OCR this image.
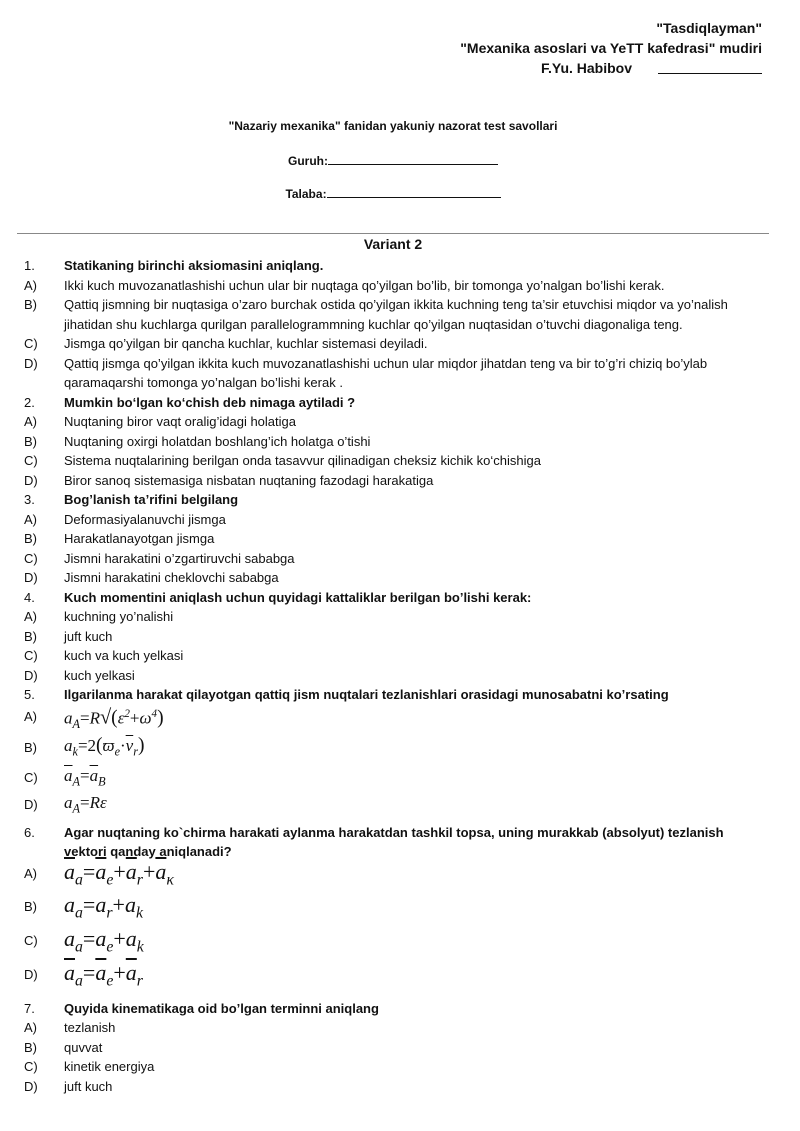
"Tasdiqlayman"
"Mexanika asoslari va YeTT kafedrasi" mudiri
F.Yu. Habibov
"Nazariy mexanika" fanidan yakuniy nazorat test savollari
Guruh:
Talaba:
Variant 2
1.	Statikaning birinchi aksiomasini aniqlang.
A)	Ikki kuch muvozanatlashishi uchun ular bir nuqtaga qo’yilgan bo’lib, bir tomonga yo’nalgan bo’lishi kerak.
B)	Qattiq jismning bir nuqtasiga o’zaro burchak ostida qo’yilgan ikkita kuchning teng ta’sir etuvchisi miqdor va yo’nalish jihatidan shu kuchlarga qurilgan parallelogrammning kuchlar qo’yilgan nuqtasidan o’tuvchi diagonaliga teng.
C)	Jismga qo’yilgan bir qancha kuchlar, kuchlar sistemasi deyiladi.
D)	Qattiq jismga qo’yilgan ikkita kuch muvozanatlashishi uchun ular miqdor jihatdan teng va bir to’g’ri chiziq bo’ylab qaramaqarshi tomonga yo’nalgan bo’lishi kerak .
2.	Mumkin bo‘lgan ko‘chish deb nimaga aytiladi ?
A)	Nuqtaning biror vaqt oralig’idagi holatiga
B)	Nuqtaning oxirgi holatdan boshlang’ich holatga o’tishi
C)	Sistema nuqtalarining berilgan onda tasavvur qilinadigan cheksiz kichik ko‘chishiga
D)	Biror sanoq sistemasiga nisbatan nuqtaning fazodagi harakatiga
3.	Bog’lanish ta’rifini belgilang
A)	Deformasiyalanuvchi jismga
B)	Harakatlanayotgan jismga
C)	Jismni harakatini o’zgartiruvchi sababga
D)	Jismni harakatini cheklovchi sababga
4.	Kuch momentini aniqlash uchun quyidagi kattaliklar berilgan bo’lishi kerak:
A)	kuchning yo’nalishi
B)	juft kuch
C)	kuch va kuch yelkasi
D)	kuch yelkasi
5.	Ilgarilanma harakat qilayotgan qattiq jism nuqtalari tezlanishlari orasidagi munosabatni ko’rsating
A)	$a_A=R√(\varepsilon^2+\omega^4)$
B)	$a_k=2(ϖ_e\cdot\overline{v}_r)$
C)	$\overline{a}_A=\overline{a}_B$
D)	$a_A=R\varepsilon$
6.	Agar nuqtaning ko`chirma harakati aylanma harakatdan tashkil topsa, uning murakkab (absolyut) tezlanish vektori qanday aniqlanadi?
A)	$\overline{a}_a=\overline{a}_e+\overline{a}_r+\overline{a}_\kappa$
B)	$a_a=a_r+a_k$
C)	$a_a=a_e+a_k$
D)	$\overline{a}_a=\overline{a}_e+\overline{a}_r$
7.	Quyida kinematikaga oid bo’lgan terminni aniqlang
A)	tezlanish
B)	quvvat
C)	kinetik energiya
D)	juft kuch
